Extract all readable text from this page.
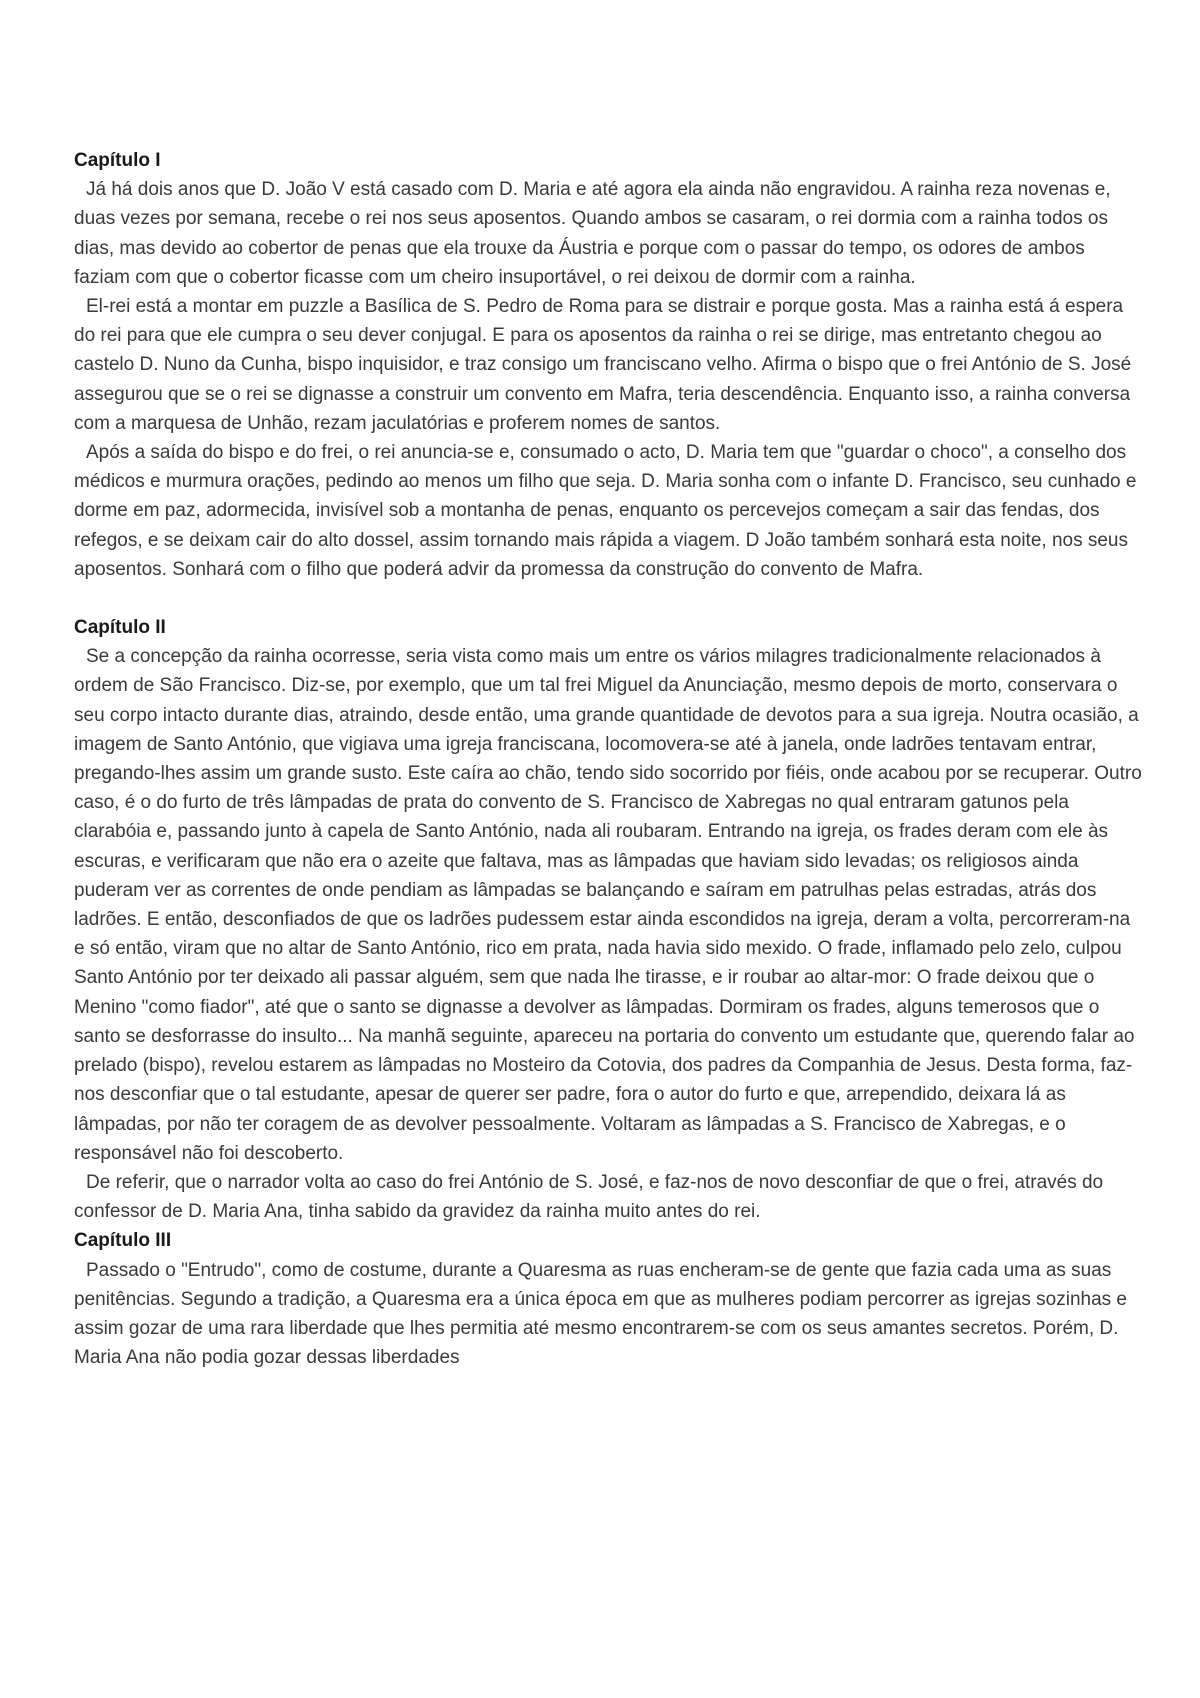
Capítulo I

Já há dois anos que D. João V está casado com D. Maria e até agora ela ainda não engravidou. A rainha reza novenas e, duas vezes por semana, recebe o rei nos seus aposentos. Quando ambos se casaram, o rei dormia com a rainha todos os dias, mas devido ao cobertor de penas que ela trouxe da Áustria e porque com o passar do tempo, os odores de ambos faziam com que o cobertor ficasse com um cheiro insuportável, o rei deixou de dormir com a rainha.

El-rei está a montar em puzzle a Basílica de S. Pedro de Roma para se distrair e porque gosta. Mas a rainha está á espera do rei para que ele cumpra o seu dever conjugal. E para os aposentos da rainha o rei se dirige, mas entretanto chegou ao castelo D. Nuno da Cunha, bispo inquisidor, e traz consigo um franciscano velho. Afirma o bispo que o frei António de S. José assegurou que se o rei se dignasse a construir um convento em Mafra, teria descendência. Enquanto isso, a rainha conversa com a marquesa de Unhão, rezam jaculatórias e proferem nomes de santos.

Após a saída do bispo e do frei, o rei anuncia-se e, consumado o acto, D. Maria tem que "guardar o choco", a conselho dos médicos e murmura orações, pedindo ao menos um filho que seja. D. Maria sonha com o infante D. Francisco, seu cunhado e dorme em paz, adormecida, invisível sob a montanha de penas, enquanto os percevejos começam a sair das fendas, dos refegos, e se deixam cair do alto dossel, assim tornando mais rápida a viagem. D João também sonhará esta noite, nos seus aposentos. Sonhará com o filho que poderá advir da promessa da construção do convento de Mafra.

Capítulo II

Se a concepção da rainha ocorresse, seria vista como mais um entre os vários milagres tradicionalmente relacionados à ordem de São Francisco. Diz-se, por exemplo, que um tal frei Miguel da Anunciação, mesmo depois de morto, conservara o seu corpo intacto durante dias, atraindo, desde então, uma grande quantidade de devotos para a sua igreja. Noutra ocasião, a imagem de Santo António, que vigiava uma igreja franciscana, locomovera-se até à janela, onde ladrões tentavam entrar, pregando-lhes assim um grande susto. Este caíra ao chão, tendo sido socorrido por fiéis, onde acabou por se recuperar. Outro caso, é o do furto de três lâmpadas de prata do convento de S. Francisco de Xabregas no qual entraram gatunos pela clarabóia e, passando junto à capela de Santo António, nada ali roubaram. Entrando na igreja, os frades deram com ele às escuras, e verificaram que não era o azeite que faltava, mas as lâmpadas que haviam sido levadas; os religiosos ainda puderam ver as correntes de onde pendiam as lâmpadas se balançando e saíram em patrulhas pelas estradas, atrás dos ladrões. E então, desconfiados de que os ladrões pudessem estar ainda escondidos na igreja, deram a volta, percorreram-na e só então, viram que no altar de Santo António, rico em prata, nada havia sido mexido. O frade, inflamado pelo zelo, culpou Santo António por ter deixado ali passar alguém, sem que nada lhe tirasse, e ir roubar ao altar-mor: O frade deixou que o Menino "como fiador", até que o santo se dignasse a devolver as lâmpadas. Dormiram os frades, alguns temerosos que o santo se desforrasse do insulto... Na manhã seguinte, apareceu na portaria do convento um estudante que, querendo falar ao prelado (bispo), revelou estarem as lâmpadas no Mosteiro da Cotovia, dos padres da Companhia de Jesus. Desta forma, faz-nos desconfiar que o tal estudante, apesar de querer ser padre, fora o autor do furto e que, arrependido, deixara lá as lâmpadas, por não ter coragem de as devolver pessoalmente. Voltaram as lâmpadas a S. Francisco de Xabregas, e o responsável não foi descoberto.

De referir, que o narrador volta ao caso do frei António de S. José, e faz-nos de novo desconfiar de que o frei, através do confessor de D. Maria Ana, tinha sabido da gravidez da rainha muito antes do rei.

Capítulo III

Passado o "Entrudo", como de costume, durante a Quaresma as ruas encheram-se de gente que fazia cada uma as suas penitências. Segundo a tradição, a Quaresma era a única época em que as mulheres podiam percorrer as igrejas sozinhas e assim gozar de uma rara liberdade que lhes permitia até mesmo encontrarem-se com os seus amantes secretos. Porém, D. Maria Ana não podia gozar dessas liberdades
